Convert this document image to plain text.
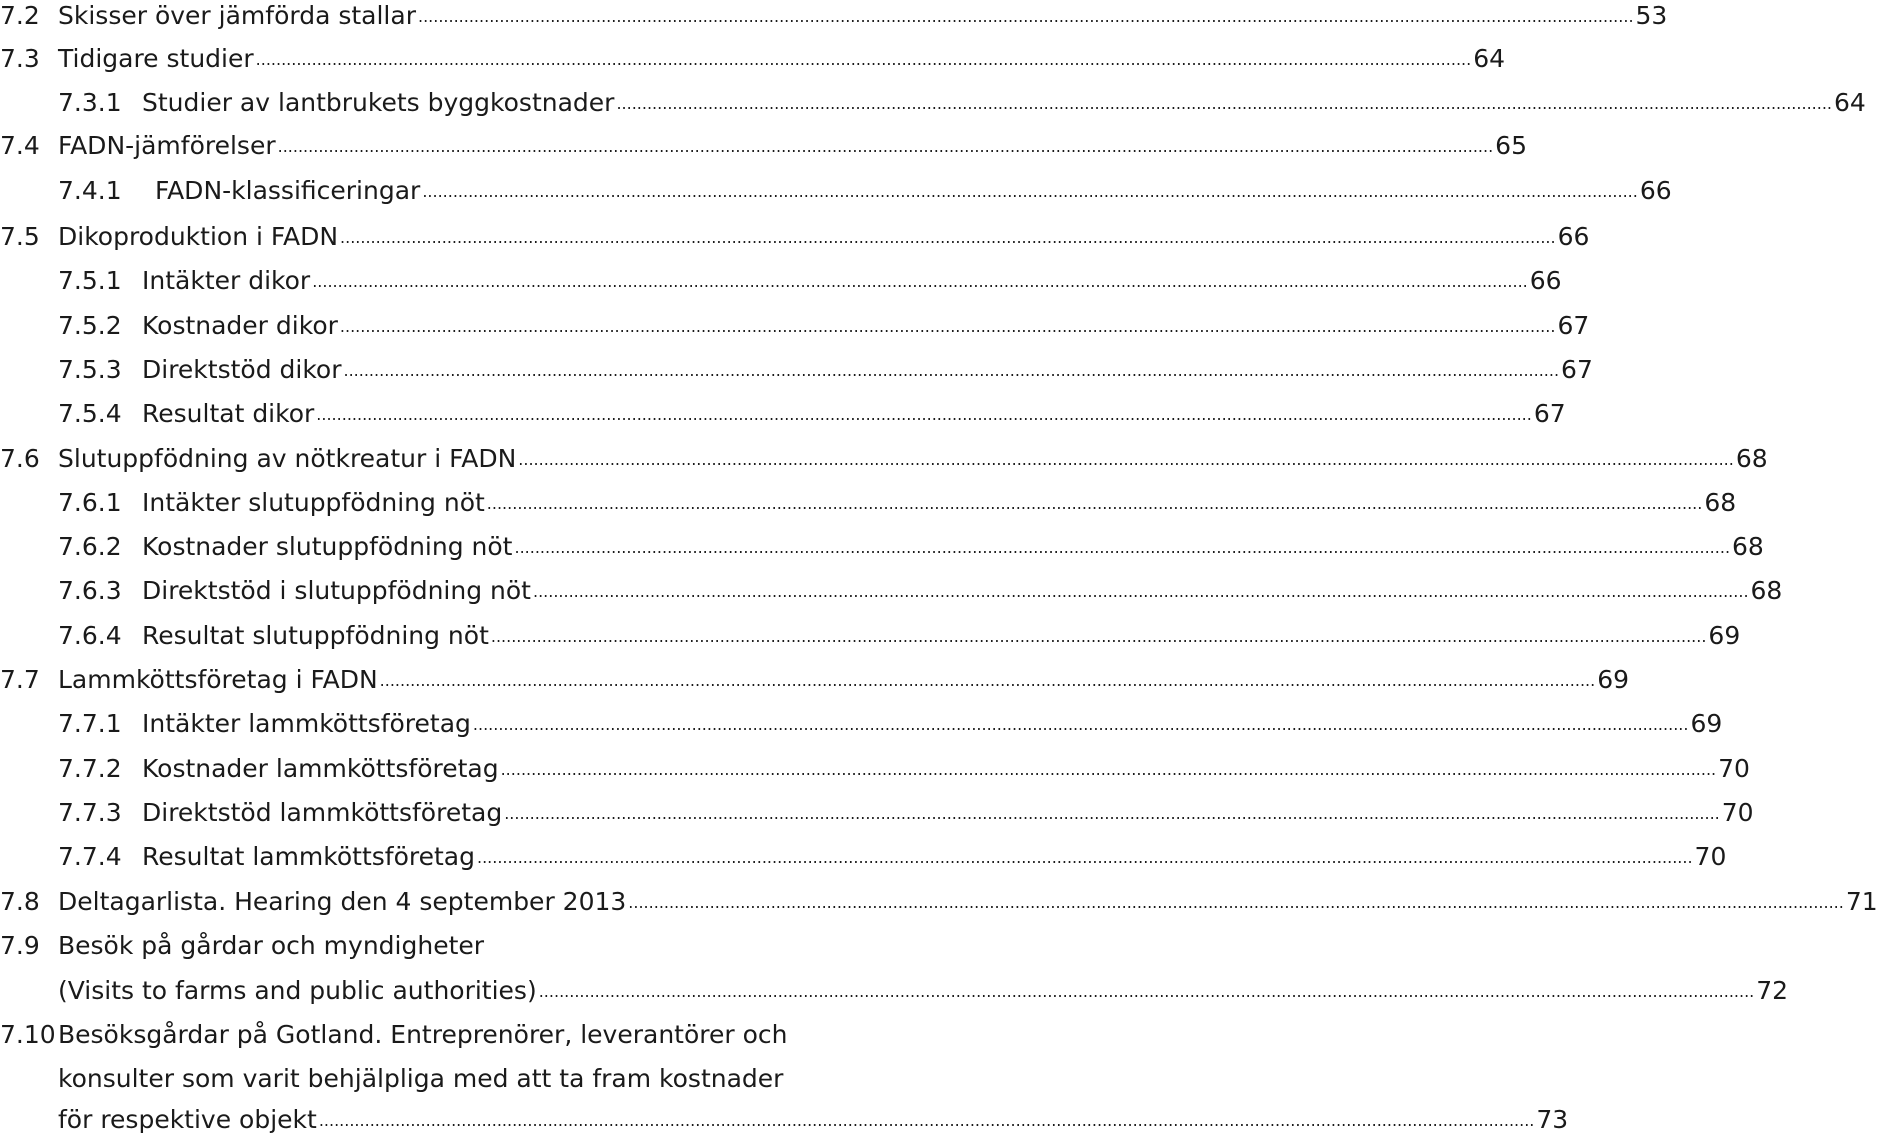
7.2 Skisser över jämförda stallar .....	53
7.3 Tidigare studier .....	64
7.3.1 Studier av lantbrukets byggkostnader .....	64
7.4 FADN-jämförelser .....	65
7.4.1 FADN-klassificeringar .....	66
7.5 Dikoproduktion i FADN .....	66
7.5.1 Intäkter dikor .....	66
7.5.2 Kostnader dikor .....	67
7.5.3 Direktstöd dikor .....	67
7.5.4 Resultat dikor .....	67
7.6 Slutuppfödning av nötkreatur i FADN .....	68
7.6.1 Intäkter slutuppfödning nöt .....	68
7.6.2 Kostnader slutuppfödning nöt .....	68
7.6.3 Direktstöd i slutuppfödning nöt .....	68
7.6.4 Resultat slutuppfödning nöt .....	69
7.7 Lammköttsföretag i FADN .....	69
7.7.1 Intäkter lammköttsföretag .....	69
7.7.2 Kostnader lammköttsföretag .....	70
7.7.3 Direktstöd lammköttsföretag .....	70
7.7.4 Resultat lammköttsföretag .....	70
7.8 Deltagarlista. Hearing den 4 september 2013 .....	71
7.9 Besök på gårdar och myndigheter
(Visits to farms and public authorities) .....	72
7.10 Besöksgårdar på Gotland. Entreprenörer, leverantörer och
konsulter som varit behjälpliga med att ta fram kostnader
för respektive objekt .....	73
